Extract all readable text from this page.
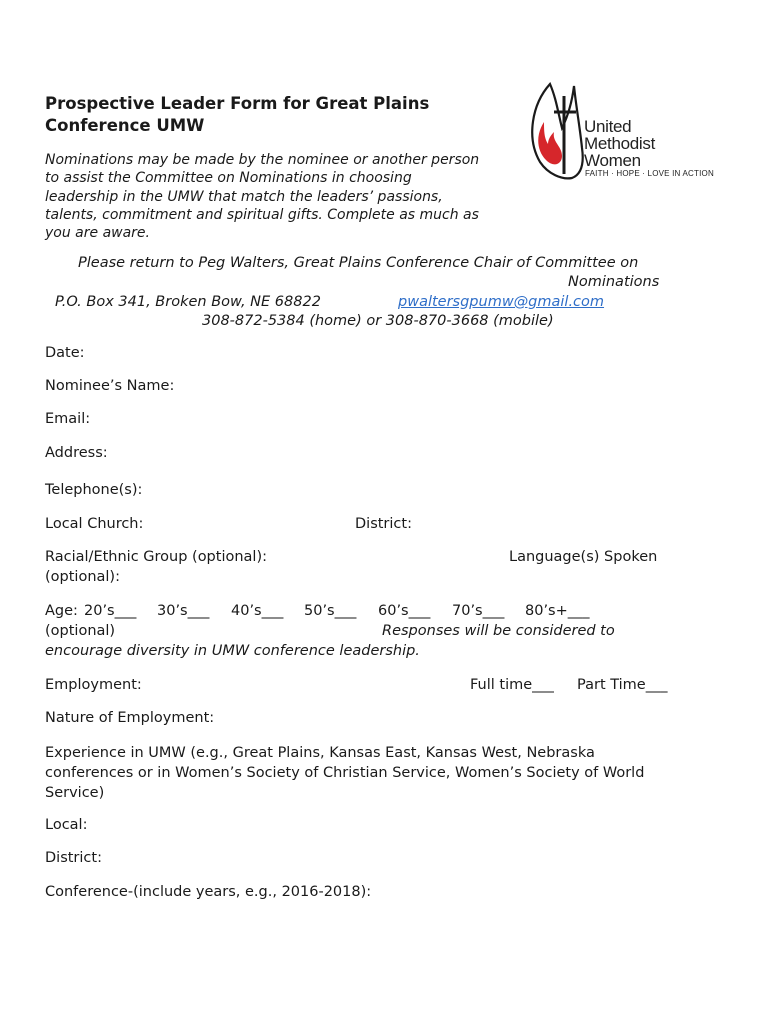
Prospective Leader Form for Great Plains
Conference UMW
Nominations may be made by the nominee or another person
to assist the Committee on Nominations in choosing
leadership in the UMW that match the leaders’ passions,
talents, commitment and spiritual gifts. Complete as much as
you are aware.
United
Methodist
Women
FAITH · HOPE · LOVE IN ACTION
Please return to Peg Walters, Great Plains Conference Chair of Committee on
Nominations
P.O. Box 341, Broken Bow, NE 68822	pwaltersgpumw@gmail.com
308-872-5384 (home) or 308-870-3668 (mobile)
Date:
Nominee’s Name:
Email:
Address:
Telephone(s):
Local Church:	District:
Racial/Ethnic Group (optional):	Language(s) Spoken
(optional):
Age: 20’s___ 30’s___ 40’s___ 50’s___ 60’s___ 70’s___ 80’s+___
(optional)	Responses will be considered to
encourage diversity in UMW conference leadership.
Employment:	Full time___ Part Time___
Nature of Employment:
Experience in UMW (e.g., Great Plains, Kansas East, Kansas West, Nebraska
conferences or in Women’s Society of Christian Service, Women’s Society of World
Service)
Local:
District:
Conference-(include years, e.g., 2016-2018):
